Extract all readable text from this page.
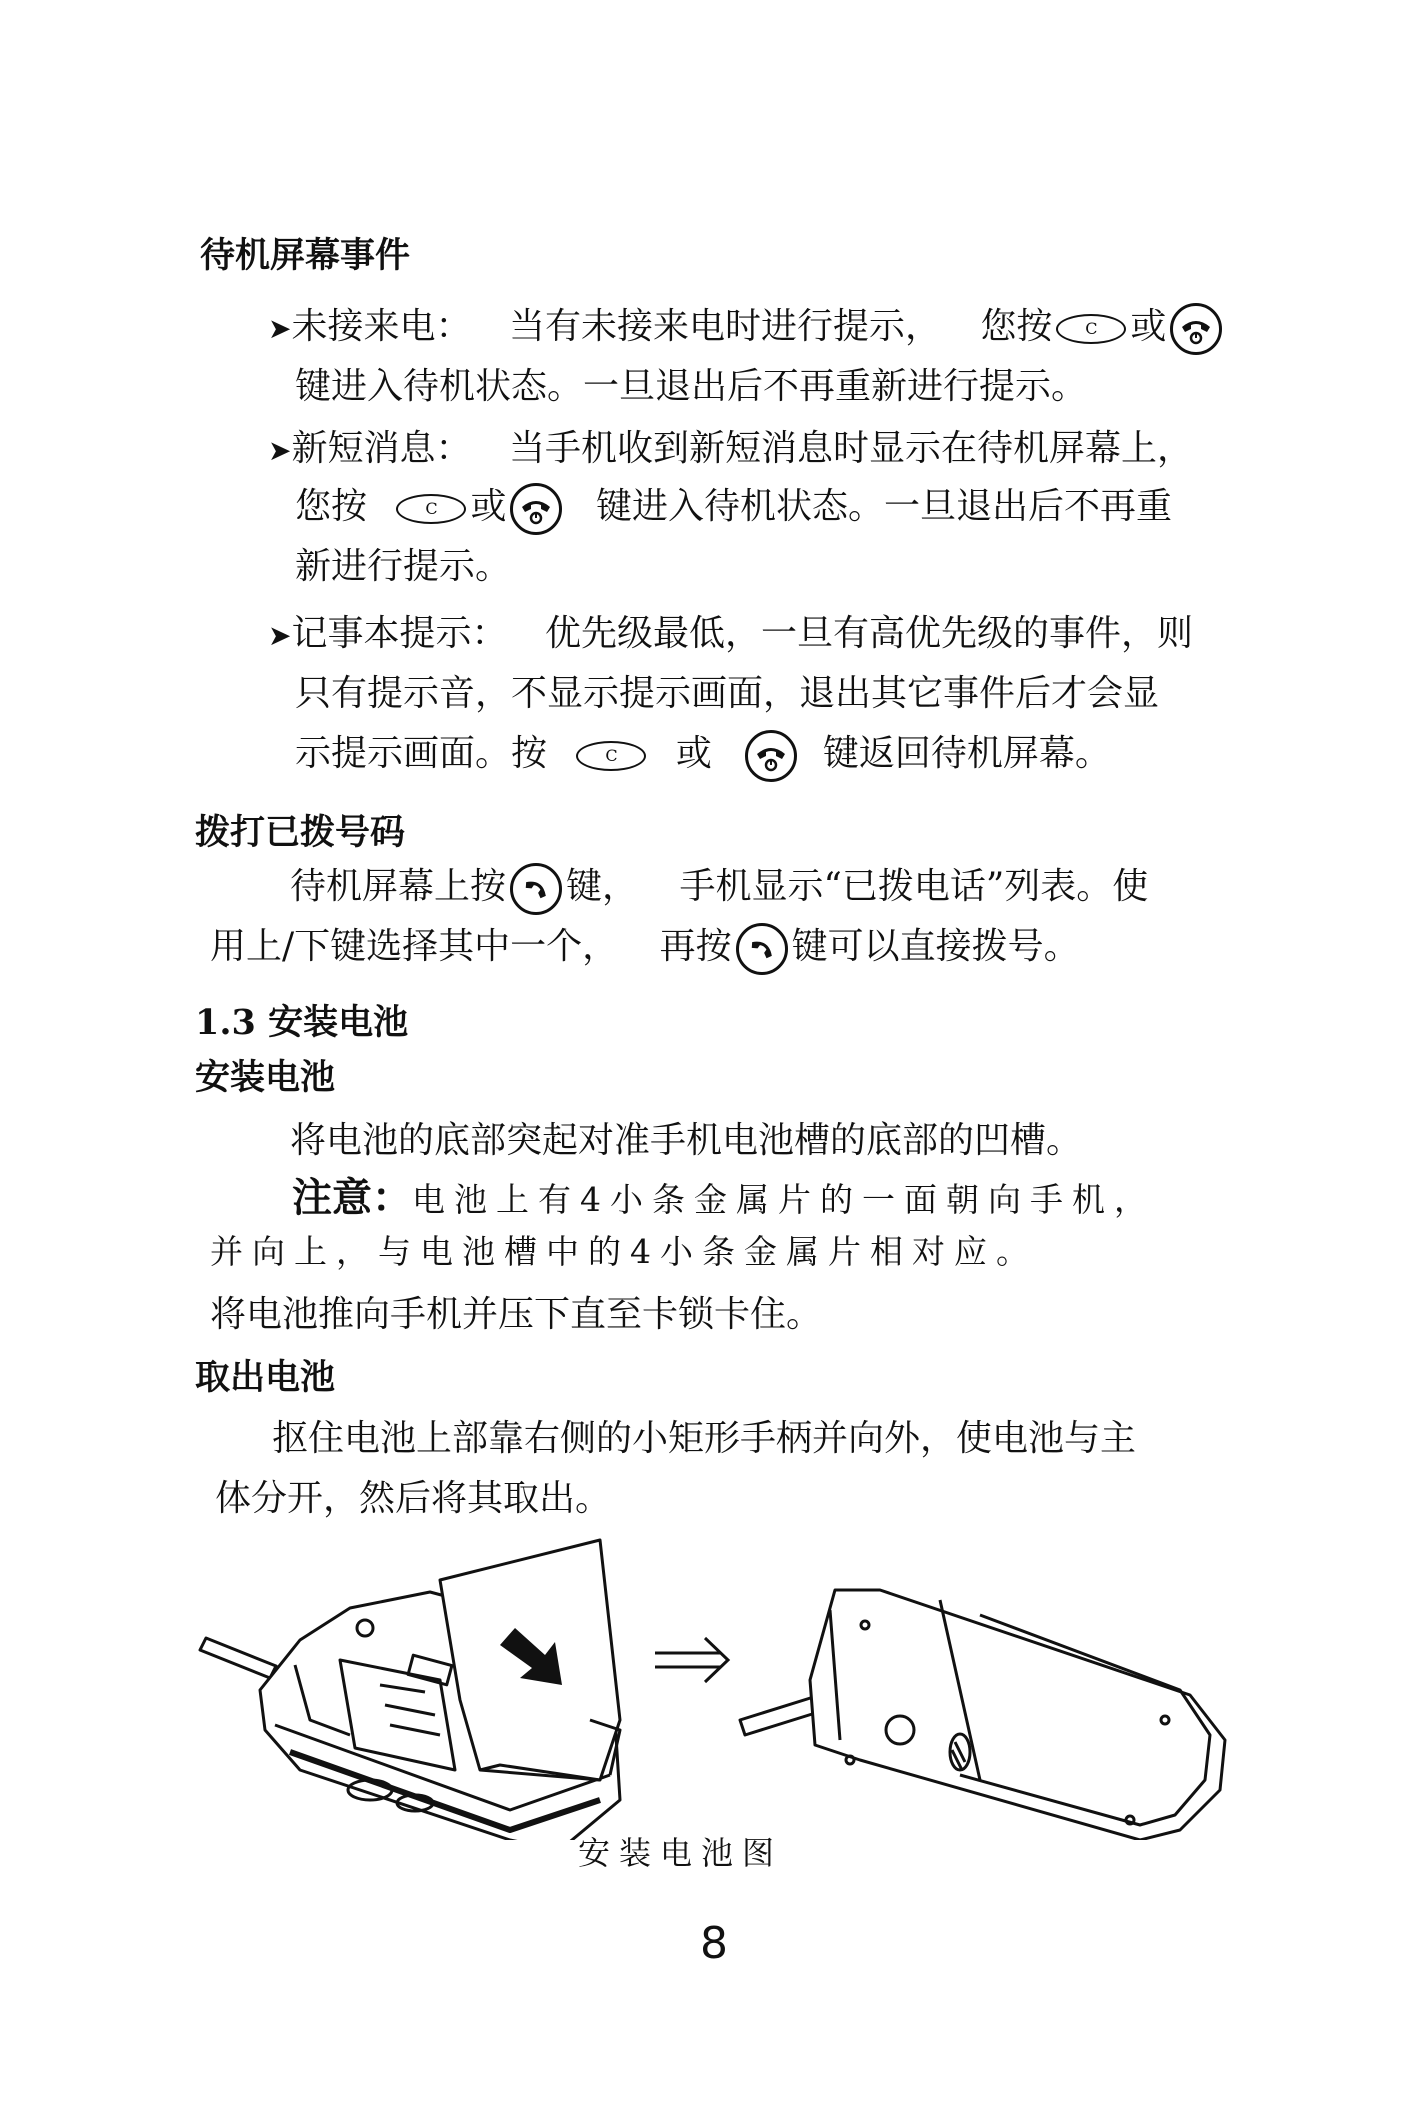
待机屏幕事件
➤未接来电： 当有未接来电时进行提示， 您按 C 或
键进入待机状态。一旦退出后不再重新进行提示。
➤新短消息： 当手机收到新短消息时显示在待机屏幕上，
您按	C 或 键进入待机状态。一旦退出后不再重
新进行提示。
➤记事本提示： 优先级最低，一旦有高优先级的事件，则
只有提示音，不显示提示画面，退出其它事件后才会显
示提示画面。按	C 或	键返回待机屏幕。
拨打已拨号码
待机屏幕上按 键， 手机显示“已拨电话”列表。使
用上/下键选择其中一个， 再按 键可以直接拨号。
1.3 安装电池
安装电池
将电池的底部突起对准手机电池槽的底部的凹槽。
注意：电池上有4小条金属片的一面朝向手机，
并向上，与电池槽中的4小条金属片相对应。
将电池推向手机并压下直至卡锁卡住。
取出电池
抠住电池上部靠右侧的小矩形手柄并向外，使电池与主
体分开，然后将其取出。
安装电池图
8
